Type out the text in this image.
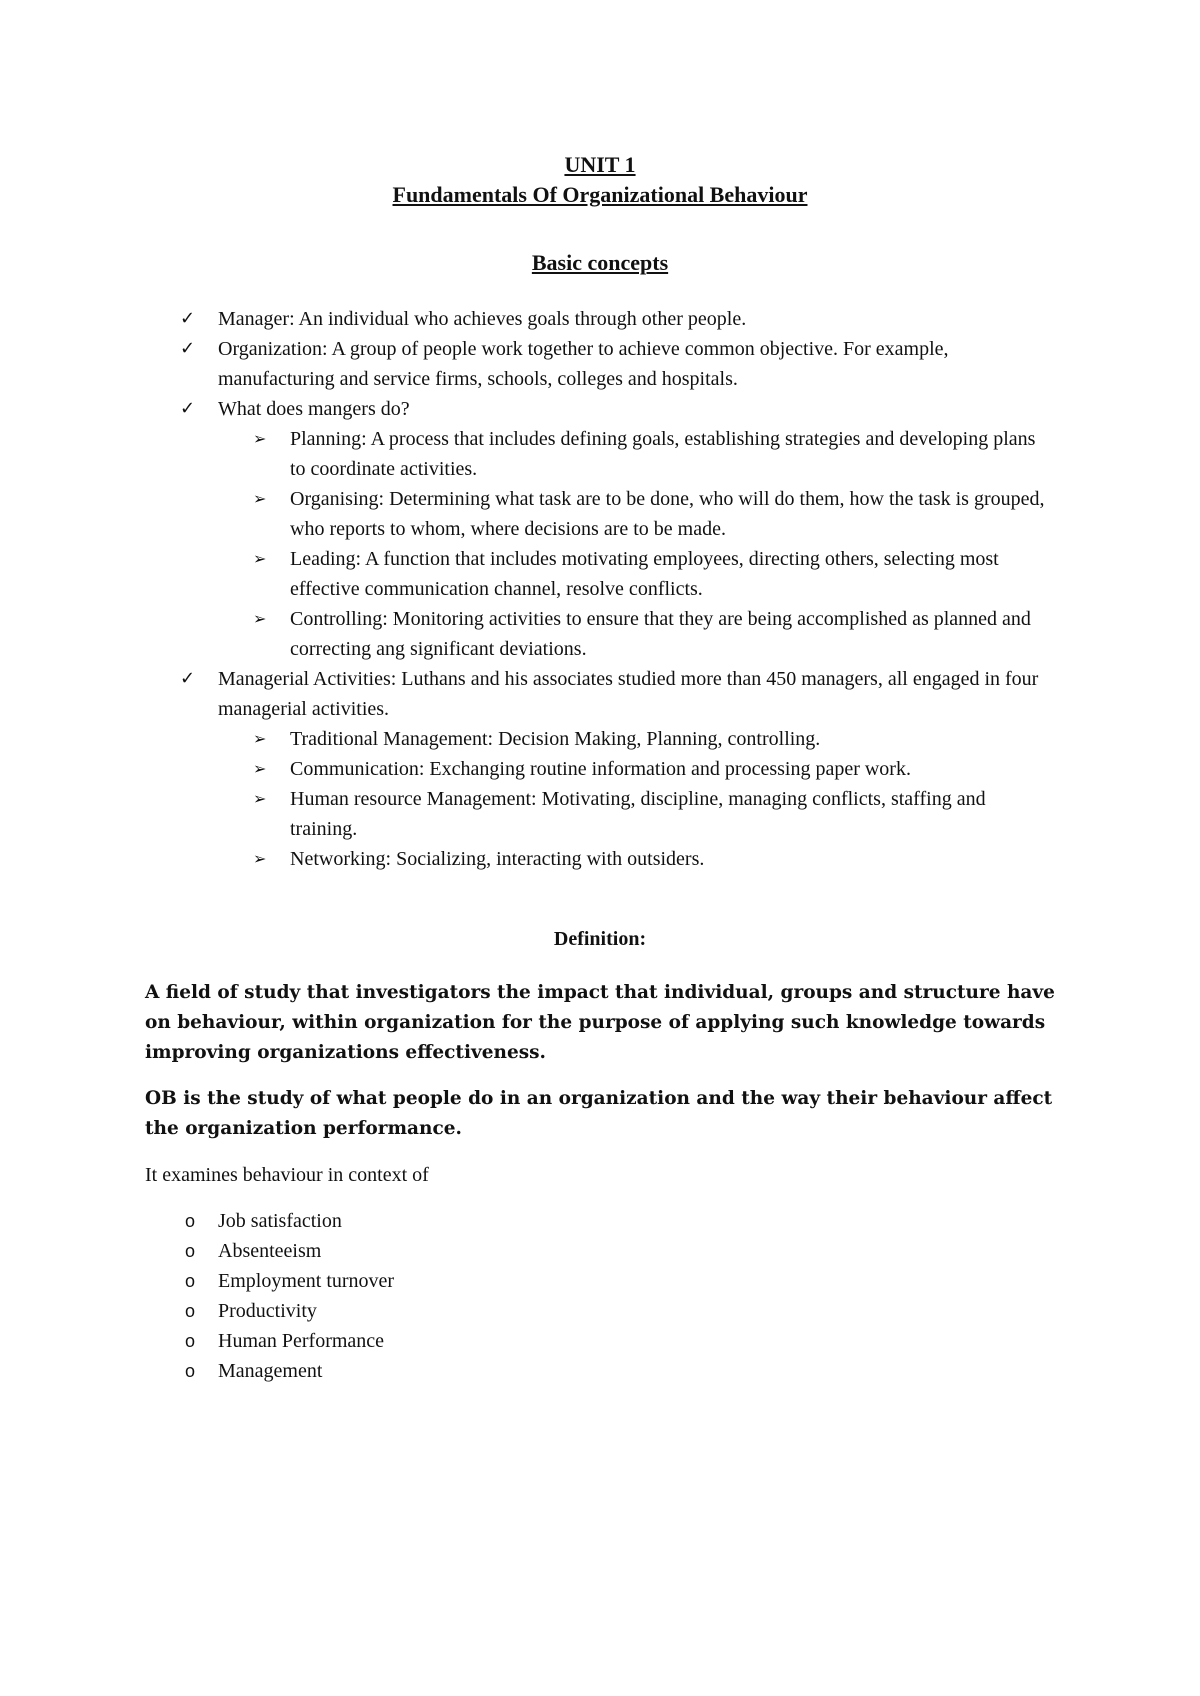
UNIT 1
Fundamentals Of Organizational Behaviour
Basic concepts
✓ Manager: An individual who achieves goals through other people.
✓ Organization: A group of people work together to achieve common objective. For example, manufacturing and service firms, schools, colleges and hospitals.
✓ What does mangers do?
➢ Planning: A process that includes defining goals, establishing strategies and developing plans to coordinate activities.
➢ Organising: Determining what task are to be done, who will do them, how the task is grouped, who reports to whom, where decisions are to be made.
➢ Leading: A function that includes motivating employees, directing others, selecting most effective communication channel, resolve conflicts.
➢ Controlling: Monitoring activities to ensure that they are being accomplished as planned and correcting ang significant deviations.
✓ Managerial Activities: Luthans and his associates studied more than 450 managers, all engaged in four managerial activities.
➢ Traditional Management: Decision Making, Planning, controlling.
➢ Communication: Exchanging routine information and processing paper work.
➢ Human resource Management: Motivating, discipline, managing conflicts, staffing and training.
➢ Networking: Socializing, interacting with outsiders.
Definition:

A field of study that investigators the impact that individual, groups and structure have on behaviour, within organization for the purpose of applying such knowledge towards improving organizations effectiveness.

OB is the study of what people do in an organization and the way their behaviour affect the organization performance.

It examines behaviour in context of

o Job satisfaction
o Absenteeism
o Employment turnover
o Productivity
o Human Performance
o Management
